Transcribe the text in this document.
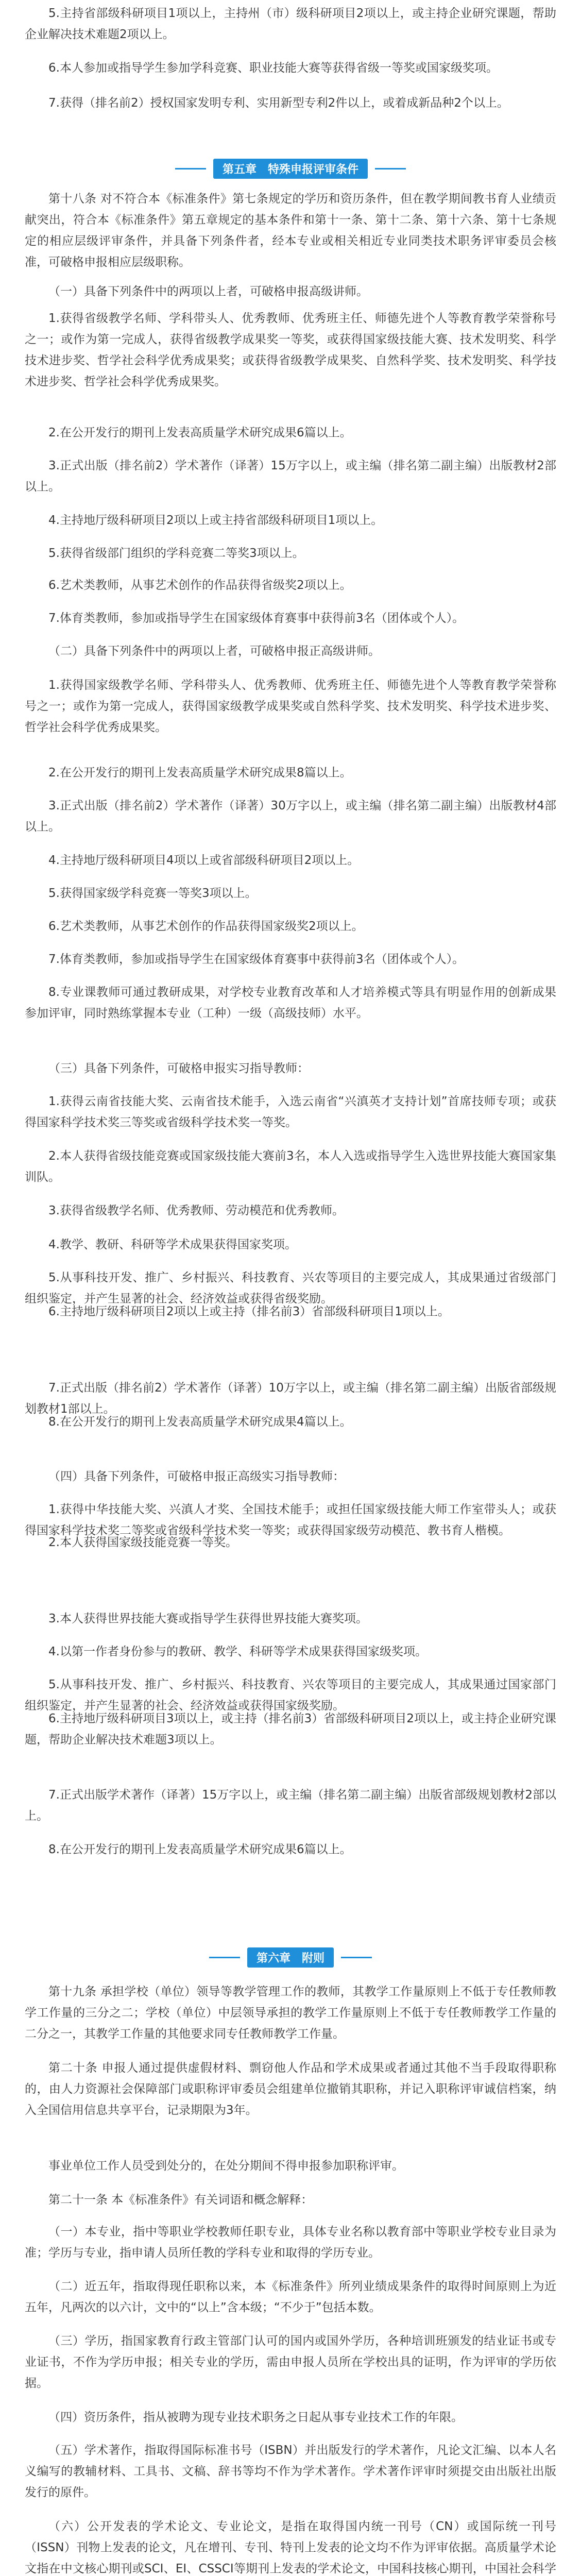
5.主持省部级科研项目1项以上，主持州（市）级科研项目2项以上，或主持企业研究课题，帮助企业解决技术难题2项以上。

6.本人参加或指导学生参加学科竞赛、职业技能大赛等获得省级一等奖或国家级奖项。

7.获得（排名前2）授权国家发明专利、实用新型专利2件以上，或着成新品种2个以上。

第五章　特殊申报评审条件

第十八条 对不符合本《标准条件》第七条规定的学历和资历条件，但在教学期间教书育人业绩贡献突出，符合本《标准条件》第五章规定的基本条件和第十一条、第十二条、第十六条、第十七条规定的相应层级评审条件，并具备下列条件者，经本专业或相关相近专业同类技术职务评审委员会核准，可破格申报相应层级职称。

（一）具备下列条件中的两项以上者，可破格申报高级讲师。

1.获得省级教学名师、学科带头人、优秀教师、优秀班主任、师德先进个人等教育教学荣誉称号之一；或作为第一完成人，获得省级教学成果奖一等奖，或获得国家级技能大赛、技术发明奖、科学技术进步奖、哲学社会科学优秀成果奖；或获得省级教学成果奖、自然科学奖、技术发明奖、科学技术进步奖、哲学社会科学优秀成果奖。

2.在公开发行的期刊上发表高质量学术研究成果6篇以上。

3.正式出版（排名前2）学术著作（译著）15万字以上，或主编（排名第二副主编）出版教材2部以上。

4.主持地厅级科研项目2项以上或主持省部级科研项目1项以上。

5.获得省级部门组织的学科竞赛二等奖3项以上。

6.艺术类教师，从事艺术创作的作品获得省级奖2项以上。

7.体育类教师，参加或指导学生在国家级体育赛事中获得前3名（团体或个人）。

（二）具备下列条件中的两项以上者，可破格申报正高级讲师。

1.获得国家级教学名师、学科带头人、优秀教师、优秀班主任、师德先进个人等教育教学荣誉称号之一；或作为第一完成人，获得国家级教学成果奖或自然科学奖、技术发明奖、科学技术进步奖、哲学社会科学优秀成果奖。

2.在公开发行的期刊上发表高质量学术研究成果8篇以上。

3.正式出版（排名前2）学术著作（译著）30万字以上，或主编（排名第二副主编）出版教材4部以上。

4.主持地厅级科研项目4项以上或省部级科研项目2项以上。

5.获得国家级学科竞赛一等奖3项以上。

6.艺术类教师，从事艺术创作的作品获得国家级奖2项以上。

7.体育类教师，参加或指导学生在国家级体育赛事中获得前3名（团体或个人）。

8.专业课教师可通过教研成果，对学校专业教育改革和人才培养模式等具有明显作用的创新成果参加评审，同时熟练掌握本专业（工种）一级（高级技师）水平。

（三）具备下列条件，可破格申报实习指导教师：

1.获得云南省技能大奖、云南省技术能手，入选云南省“兴滇英才支持计划”首席技师专项；或获得国家科学技术奖三等奖或省级科学技术奖一等奖。

2.本人获得省级技能竞赛或国家级技能大赛前3名，本人入选或指导学生入选世界技能大赛国家集训队。

3.获得省级教学名师、优秀教师、劳动模范和优秀教师。

4.教学、教研、科研等学术成果获得国家奖项。

5.从事科技开发、推广、乡村振兴、科技教育、兴农等项目的主要完成人，其成果通过省级部门组织鉴定，并产生显著的社会、经济效益或获得省级奖励。

6.主持地厅级科研项目2项以上或主持（排名前3）省部级科研项目1项以上。

7.正式出版（排名前2）学术著作（译著）10万字以上，或主编（排名第二副主编）出版省部级规划教材1部以上。

8.在公开发行的期刊上发表高质量学术研究成果4篇以上。

（四）具备下列条件，可破格申报正高级实习指导教师：

1.获得中华技能大奖、兴滇人才奖、全国技术能手；或担任国家级技能大师工作室带头人；或获得国家科学技术奖二等奖或省级科学技术奖一等奖；或获得国家级劳动模范、教书育人楷模。

2.本人获得国家级技能竞赛一等奖。

3.本人获得世界技能大赛或指导学生获得世界技能大赛奖项。

4.以第一作者身份参与的教研、教学、科研等学术成果获得国家级奖项。

5.从事科技开发、推广、乡村振兴、科技教育、兴农等项目的主要完成人，其成果通过国家部门组织鉴定，并产生显著的社会、经济效益或获得国家级奖励。

6.主持地厅级科研项目3项以上，或主持（排名前3）省部级科研项目2项以上，或主持企业研究课题，帮助企业解决技术难题3项以上。

7.正式出版学术著作（译著）15万字以上，或主编（排名第二副主编）出版省部级规划教材2部以上。

8.在公开发行的期刊上发表高质量学术研究成果6篇以上。

第六章　附则

第十九条 承担学校（单位）领导等教学管理工作的教师，其教学工作量原则上不低于专任教师教学工作量的三分之二；学校（单位）中层领导承担的教学工作量原则上不低于专任教师教学工作量的二分之一，其教学工作量的其他要求同专任教师教学工作量。

第二十条 申报人通过提供虚假材料、剽窃他人作品和学术成果或者通过其他不当手段取得职称的，由人力资源社会保障部门或职称评审委员会组建单位撤销其职称，并记入职称评审诚信档案，纳入全国信用信息共享平台，记录期限为3年。

事业单位工作人员受到处分的，在处分期间不得申报参加职称评审。

第二十一条 本《标准条件》有关词语和概念解释：

（一）本专业，指中等职业学校教师任职专业，具体专业名称以教育部中等职业学校专业目录为准；学历与专业，指申请人员所任教的学科专业和取得的学历专业。

（二）近五年，指取得现任职称以来，本《标准条件》所列业绩成果条件的取得时间原则上为近五年，凡两次的以六计，文中的“以上”含本级；“不少于”包括本数。

（三）学历，指国家教育行政主管部门认可的国内或国外学历，各种培训班颁发的结业证书或专业证书，不作为学历申报；相关专业的学历，需由申报人员所在学校出具的证明，作为评审的学历依据。

（四）资历条件，指从被聘为现专业技术职务之日起从事专业技术工作的年限。

（五）学术著作，指取得国际标准书号（ISBN）并出版发行的学术著作，凡论文汇编、以本人名义编写的教辅材料、工具书、文稿、辞书等均不作为学术著作。学术著作评审时须提交由出版社出版发行的原件。

（六）公开发表的学术论文、专业论文，是指在取得国内统一刊号（CN）或国际统一刊号（ISSN）刊物上发表的论文，凡在增刊、专刊、特刊上发表的论文均不作为评审依据。高质量学术论文指在中文核心期刊或SCI、EI、CSSCI等期刊上发表的学术论文，中国科技核心期刊，中国社会科学
